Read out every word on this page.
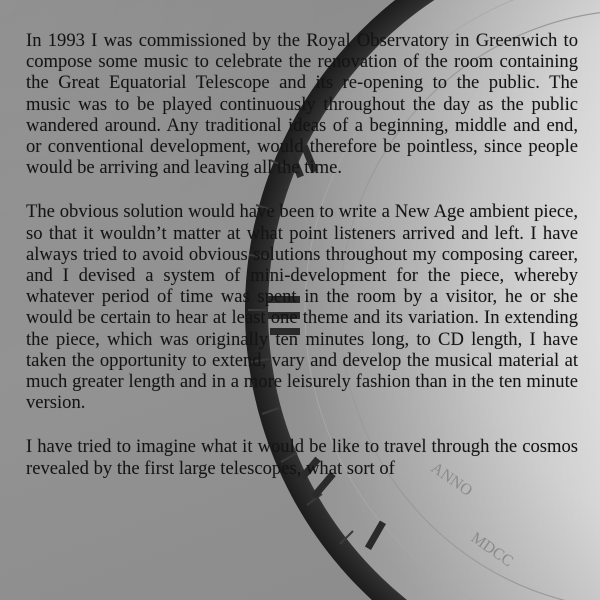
ANNO
MDCC

In 1993 I was commissioned by the Royal Observatory in Greenwich to compose some music to celebrate the renovation of the room containing the Great Equatorial Telescope and its re-opening to the public. The music was to be played continuously throughout the day as the public wandered around. Any traditional ideas of a beginning, middle and end, or conventional development, would therefore be pointless, since people would be arriving and leaving all the time.

The obvious solution would have been to write a New Age ambient piece, so that it wouldn’t matter at what point listeners arrived and left. I have always tried to avoid obvious solutions throughout my composing career, and I devised a system of mini-development for the piece, whereby whatever period of time was spent in the room by a visitor, he or she would be certain to hear at least one theme and its variation. In extending the piece, which was originally ten minutes long, to CD length, I have taken the opportunity to extend, vary and develop the musical material at much greater length and in a more leisurely fashion than in the ten minute version.

I have tried to imagine what it would be like to travel through the cosmos revealed by the first large telescopes, what sort of
